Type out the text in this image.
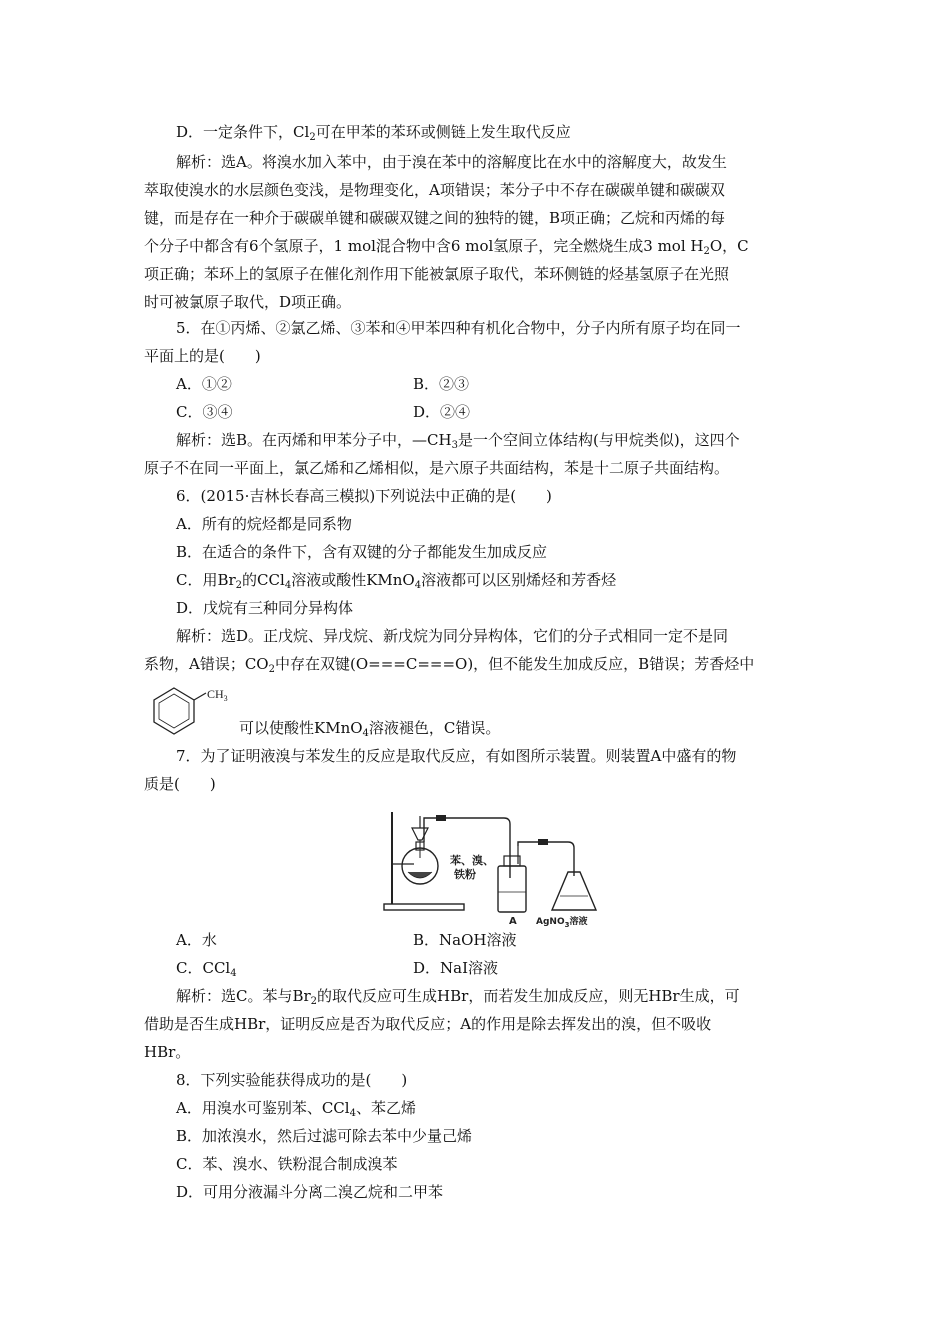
D．一定条件下，$Cl_2$可在甲苯的苯环或侧链上发生取代反应
解析：选A。将溴水加入苯中，由于溴在苯中的溶解度比在水中的溶解度大，故发生
萃取使溴水的水层颜色变浅，是物理变化，A项错误；苯分子中不存在碳碳单键和碳碳双
键，而是存在一种介于碳碳单键和碳碳双键之间的独特的键，B项正确；乙烷和丙烯的每
个分子中都含有6个氢原子，1 mol混合物中含6 mol氢原子，完全燃烧生成3 mol $H_2O$，C
项正确；苯环上的氢原子在催化剂作用下能被氯原子取代，苯环侧链的烃基氢原子在光照
时可被氯原子取代，D项正确。
5．在①丙烯、②氯乙烯、③苯和④甲苯四种有机化合物中，分子内所有原子均在同一
平面上的是(　　)
A．①②	B．②③
C．③④	D．②④
解析：选B。在丙烯和甲苯分子中，$—CH_3$是一个空间立体结构(与甲烷类似)，这四个
原子不在同一平面上，氯乙烯和乙烯相似，是六原子共面结构，苯是十二原子共面结构。
6．(2015·吉林长春高三模拟)下列说法中正确的是(　　)
A．所有的烷烃都是同系物
B．在适合的条件下，含有双键的分子都能发生加成反应
C．用$Br_2$的CCl$_4$溶液或酸性KMnO$_4$溶液都可以区别烯烃和芳香烃
D．戊烷有三种同分异构体
解析：选D。正戊烷、异戊烷、新戊烷为同分异构体，它们的分子式相同一定不是同
系物，A错误；$CO_2$中存在双键(O===C===O)，但不能发生加成反应，B错误；芳香烃中
$CH_3$
可以使酸性KMnO$_4$溶液褪色，C错误。
7．为了证明液溴与苯发生的反应是取代反应，有如图所示装置。则装置A中盛有的物
质是(　　)
苯、溴、
铁粉
A AgNO$_3$溶液
A．水	B．NaOH溶液
C．CCl$_4$	D．NaI溶液
解析：选C。苯与$Br_2$的取代反应可生成HBr，而若发生加成反应，则无HBr生成，可
借助是否生成HBr，证明反应是否为取代反应；A的作用是除去挥发出的溴，但不吸收
HBr。
8．下列实验能获得成功的是(　　)
A．用溴水可鉴别苯、CCl$_4$、苯乙烯
B．加浓溴水，然后过滤可除去苯中少量己烯
C．苯、溴水、铁粉混合制成溴苯
D．可用分液漏斗分离二溴乙烷和二甲苯
